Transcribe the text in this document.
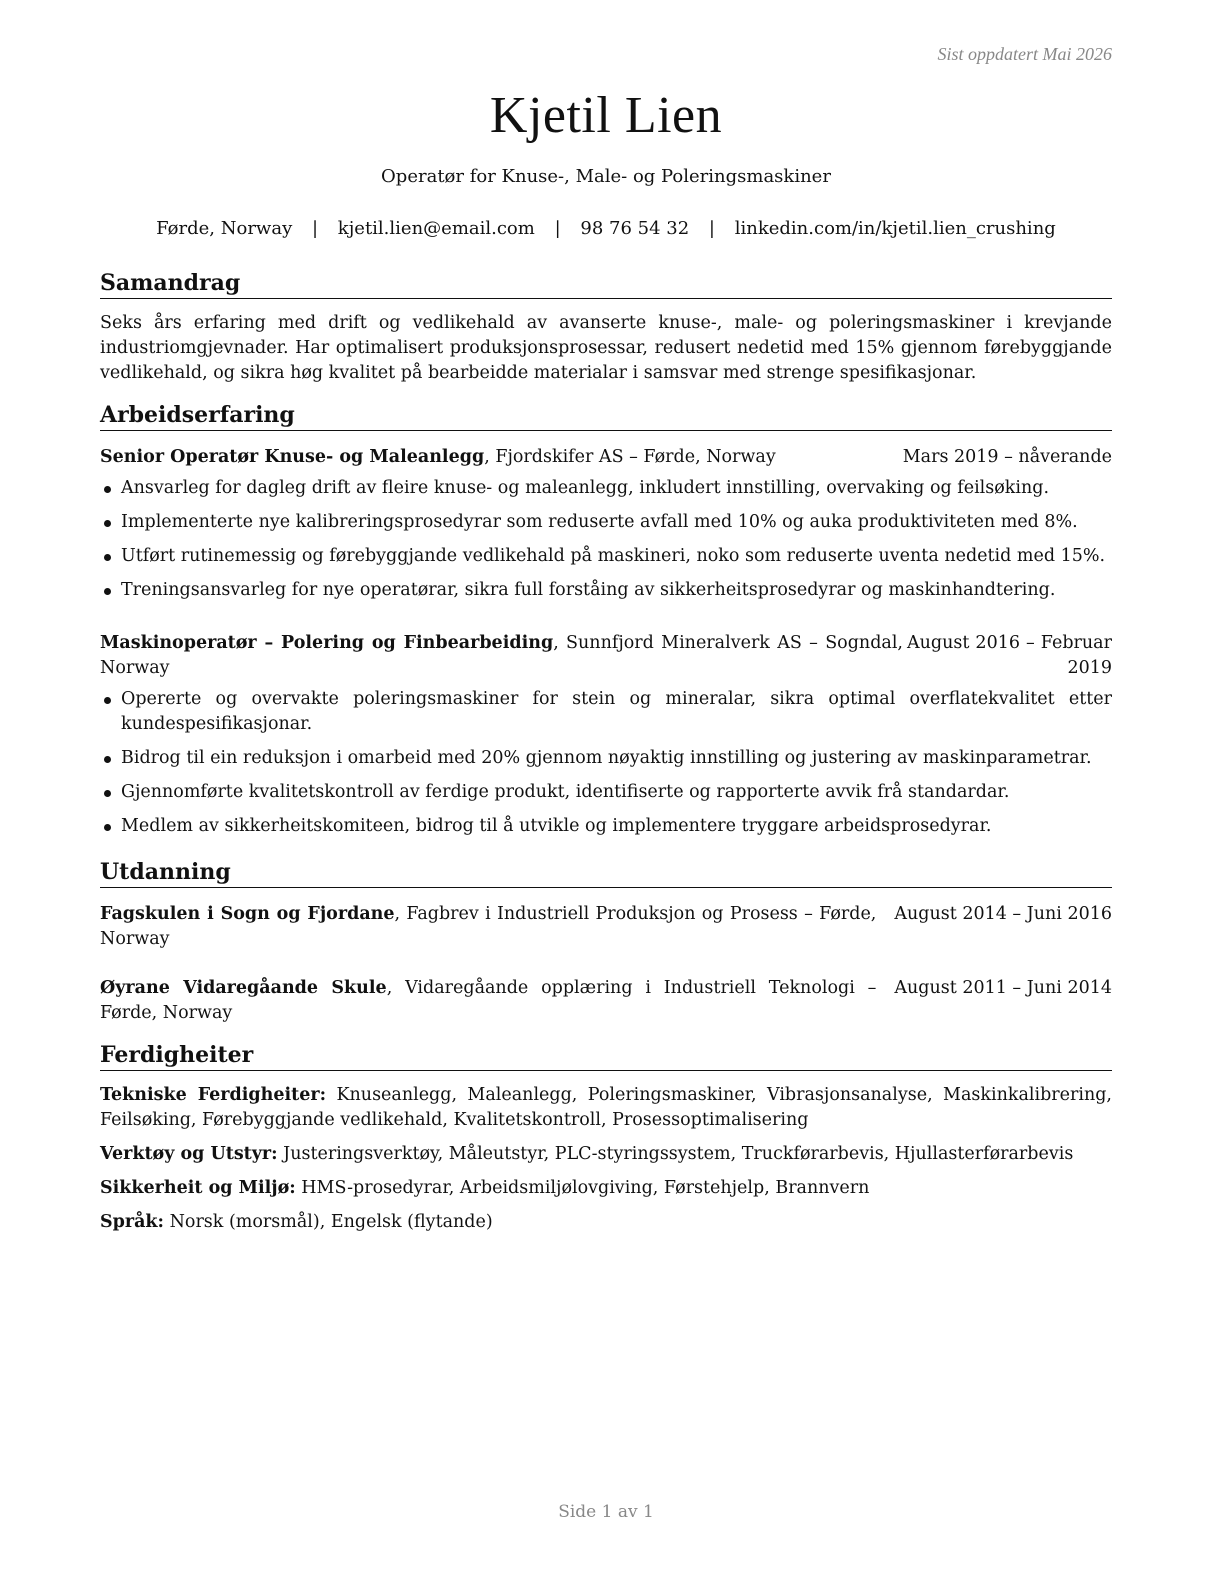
Sist oppdatert Mai 2026
Kjetil Lien
Operatør for Knuse-, Male- og Poleringsmaskiner
Førde, Norway | kjetil.lien@email.com | 98 76 54 32 | linkedin.com/in/kjetil.lien_crushing
Samandrag

Seks års erfaring med drift og vedlikehald av avanserte knuse-, male- og poleringsmaskiner i krevjande industriomgjevnader. Har optimalisert produksjonsprosessar, redusert nedetid med 15% gjennom førebyggjande vedlikehald, og sikra høg kvalitet på bearbeidde materialar i samsvar med strenge spesifikasjonar.

Arbeidserfaring
Senior Operatør Knuse- og Maleanlegg, Fjordskifer AS – Førde, Norway	Mars 2019 – nåverande
Ansvarleg for dagleg drift av fleire knuse- og maleanlegg, inkludert innstilling, overvaking og feilsøking.
Implementerte nye kalibreringsprosedyrar som reduserte avfall med 10% og auka produktiviteten med 8%.
Utført rutinemessig og førebyggjande vedlikehald på maskineri, noko som reduserte uventa nedetid med 15%.
Treningsansvarleg for nye operatørar, sikra full forståing av sikkerheitsprosedyrar og maskinhandtering.
Maskinoperatør – Polering og Finbearbeiding, Sunnfjord Mineralverk AS – Sogndal, Norway
August 2016 – Februar 2019
Opererte og overvakte poleringsmaskiner for stein og mineralar, sikra optimal overflatekvalitet etter kundespesifikasjonar.
Bidrog til ein reduksjon i omarbeid med 20% gjennom nøyaktig innstilling og justering av maskinparametrar.
Gjennomførte kvalitetskontroll av ferdige produkt, identifiserte og rapporterte avvik frå standardar.
Medlem av sikkerheitskomiteen, bidrog til å utvikle og implementere tryggare arbeidsprosedyrar.
Utdanning
Fagskulen i Sogn og Fjordane, Fagbrev i Industriell Produksjon og Prosess – Førde, Norway
August 2014 – Juni 2016
Øyrane Vidaregåande Skule, Vidaregåande opplæring i Industriell Teknologi – Førde, Norway
August 2011 – Juni 2014
Ferdigheiter

Tekniske Ferdigheiter: Knuseanlegg, Maleanlegg, Poleringsmaskiner, Vibrasjonsanalyse, Maskinkalibrering, Feilsøking, Førebyggjande vedlikehald, Kvalitetskontroll, Prosessoptimalisering

Verktøy og Utstyr: Justeringsverktøy, Måleutstyr, PLC-styringssystem, Truckførarbevis, Hjullasterførarbevis

Sikkerheit og Miljø: HMS-prosedyrar, Arbeidsmiljølovgiving, Førstehjelp, Brannvern

Språk: Norsk (morsmål), Engelsk (flytande)

Side 1 av 1
